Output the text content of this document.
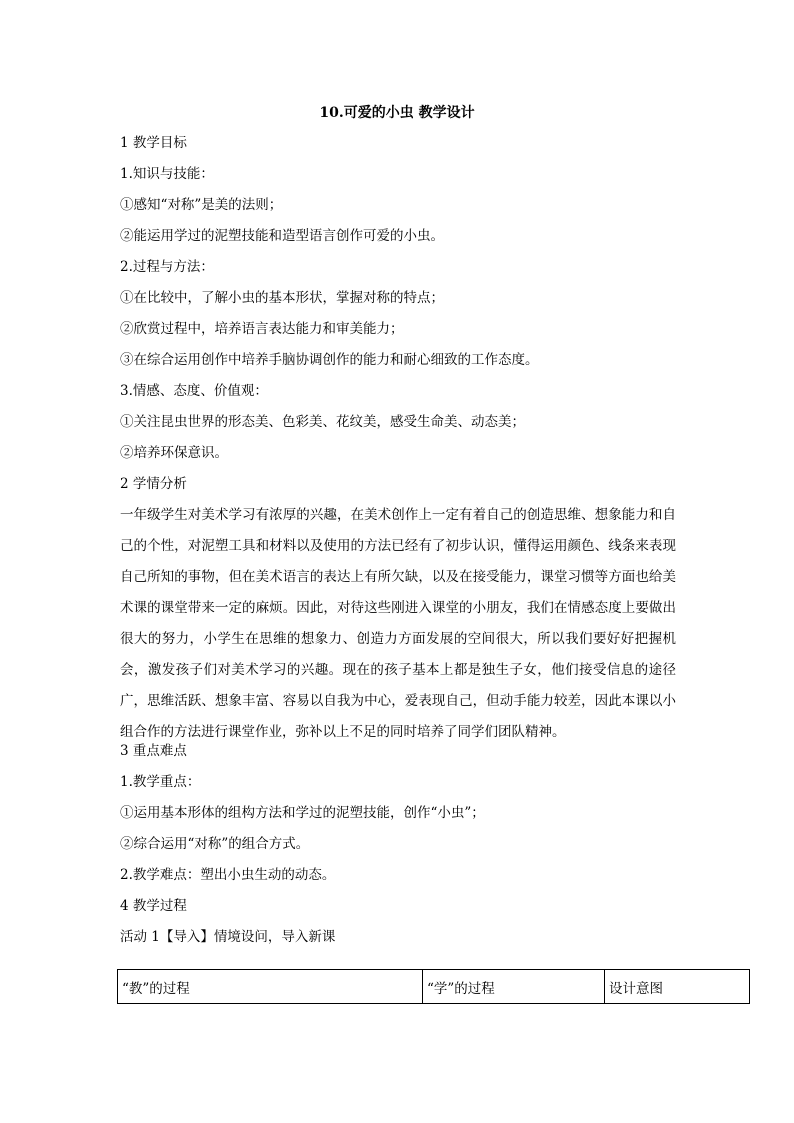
10.可爱的小虫 教学设计
1 教学目标
1.知识与技能：
①感知“对称”是美的法则；
②能运用学过的泥塑技能和造型语言创作可爱的小虫。
2.过程与方法：
①在比较中，了解小虫的基本形状，掌握对称的特点；
②欣赏过程中，培养语言表达能力和审美能力；
③在综合运用创作中培养手脑协调创作的能力和耐心细致的工作态度。
3.情感、态度、价值观：
①关注昆虫世界的形态美、色彩美、花纹美，感受生命美、动态美；
②培养环保意识。
2 学情分析

一年级学生对美术学习有浓厚的兴趣，在美术创作上一定有着自己的创造思维、想象能力和自己的个性，对泥塑工具和材料以及使用的方法已经有了初步认识，懂得运用颜色、线条来表现自己所知的事物，但在美术语言的表达上有所欠缺，以及在接受能力，课堂习惯等方面也给美术课的课堂带来一定的麻烦。因此，对待这些刚进入课堂的小朋友，我们在情感态度上要做出很大的努力，小学生在思维的想象力、创造力方面发展的空间很大，所以我们要好好把握机会，激发孩子们对美术学习的兴趣。现在的孩子基本上都是独生子女，他们接受信息的途径广，思维活跃、想象丰富、容易以自我为中心，爱表现自己，但动手能力较差，因此本课以小组合作的方法进行课堂作业，弥补以上不足的同时培养了同学们团队精神。

3 重点难点
1.教学重点：
①运用基本形体的组构方法和学过的泥塑技能，创作“小虫”；
②综合运用“对称”的组合方式。
2.教学难点：塑出小虫生动的动态。
4 教学过程
活动 1【导入】情境设问，导入新课
“教”的过程	“学”的过程	设计意图
